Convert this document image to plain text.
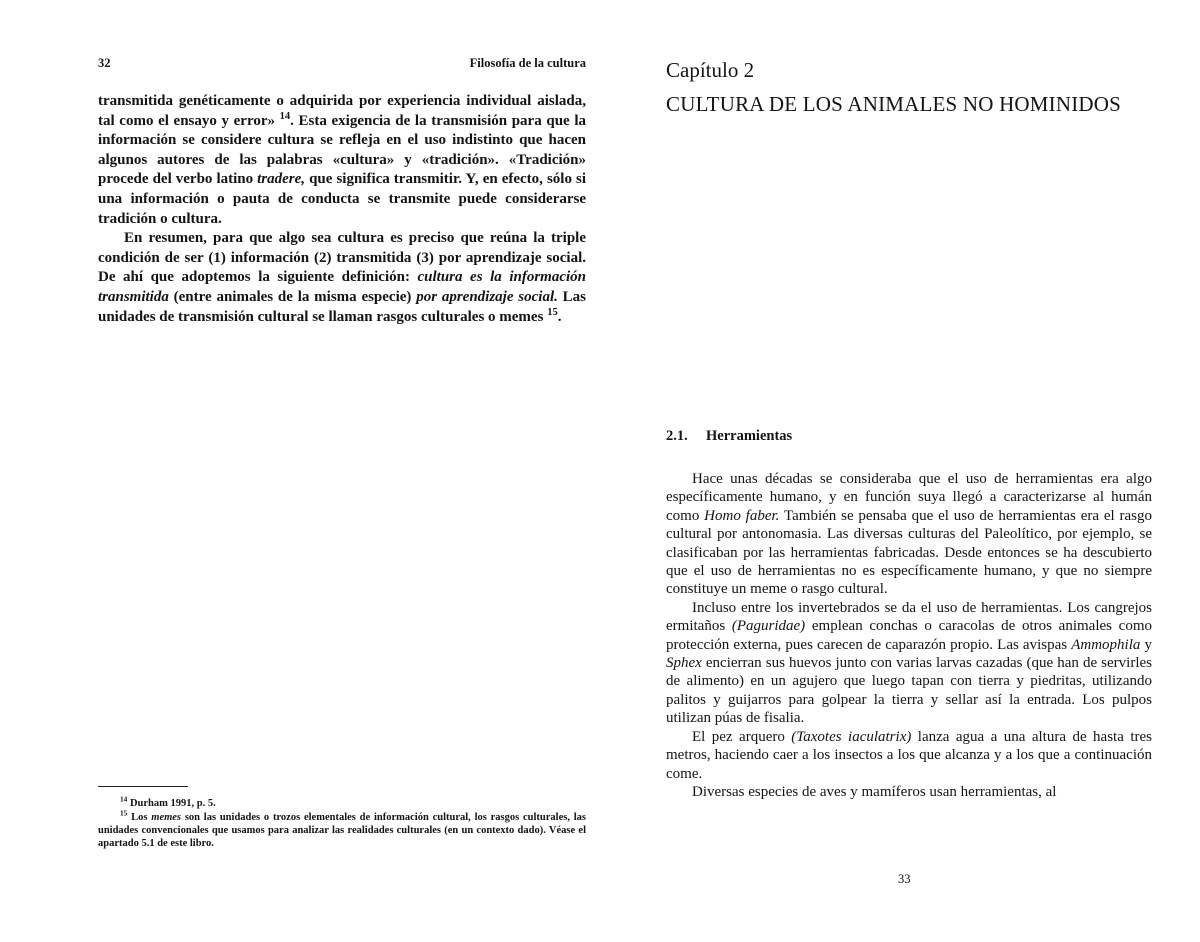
32	Filosofía de la cultura

transmitida genéticamente o adquirida por experiencia individual aislada, tal como el ensayo y error» $^{14}$. Esta exigencia de la transmisión para que la información se considere cultura se refleja en el uso indistinto que hacen algunos autores de las palabras «cultura» y «tradición». «Tradición» procede del verbo latino tradere, que significa transmitir. Y, en efecto, sólo si una información o pauta de conducta se transmite puede considerarse tradición o cultura.

En resumen, para que algo sea cultura es preciso que reúna la triple condición de ser (1) información (2) transmitida (3) por aprendizaje social. De ahí que adoptemos la siguiente definición: cultura es la información transmitida (entre animales de la misma especie) por aprendizaje social. Las unidades de transmisión cultural se llaman rasgos culturales o memes $^{15}$.

$^{14}$ Durham 1991, p. 5.

$^{15}$ Los memes son las unidades o trozos elementales de información cultural, los rasgos culturales, las unidades convencionales que usamos para analizar las realidades culturales (en un contexto dado). Véase el apartado 5.1 de este libro.

Capítulo 2
CULTURA DE LOS ANIMALES NO HOMINIDOS
2.1. Herramientas

Hace unas décadas se consideraba que el uso de herramientas era algo específicamente humano, y en función suya llegó a caracterizarse al humán como Homo faber. También se pensaba que el uso de herramientas era el rasgo cultural por antonomasia. Las diversas culturas del Paleolítico, por ejemplo, se clasificaban por las herramientas fabricadas. Desde entonces se ha descubierto que el uso de herramientas no es específicamente humano, y que no siempre constituye un meme o rasgo cultural.

Incluso entre los invertebrados se da el uso de herramientas. Los cangrejos ermitaños (Paguridae) emplean conchas o caracolas de otros animales como protección externa, pues carecen de caparazón propio. Las avispas Ammophila y Sphex encierran sus huevos junto con varias larvas cazadas (que han de servirles de alimento) en un agujero que luego tapan con tierra y piedritas, utilizando palitos y guijarros para golpear la tierra y sellar así la entrada. Los pulpos utilizan púas de fisalia.

El pez arquero (Taxotes iaculatrix) lanza agua a una altura de hasta tres metros, haciendo caer a los insectos a los que alcanza y a los que a continuación come.

Diversas especies de aves y mamíferos usan herramientas, al

33
